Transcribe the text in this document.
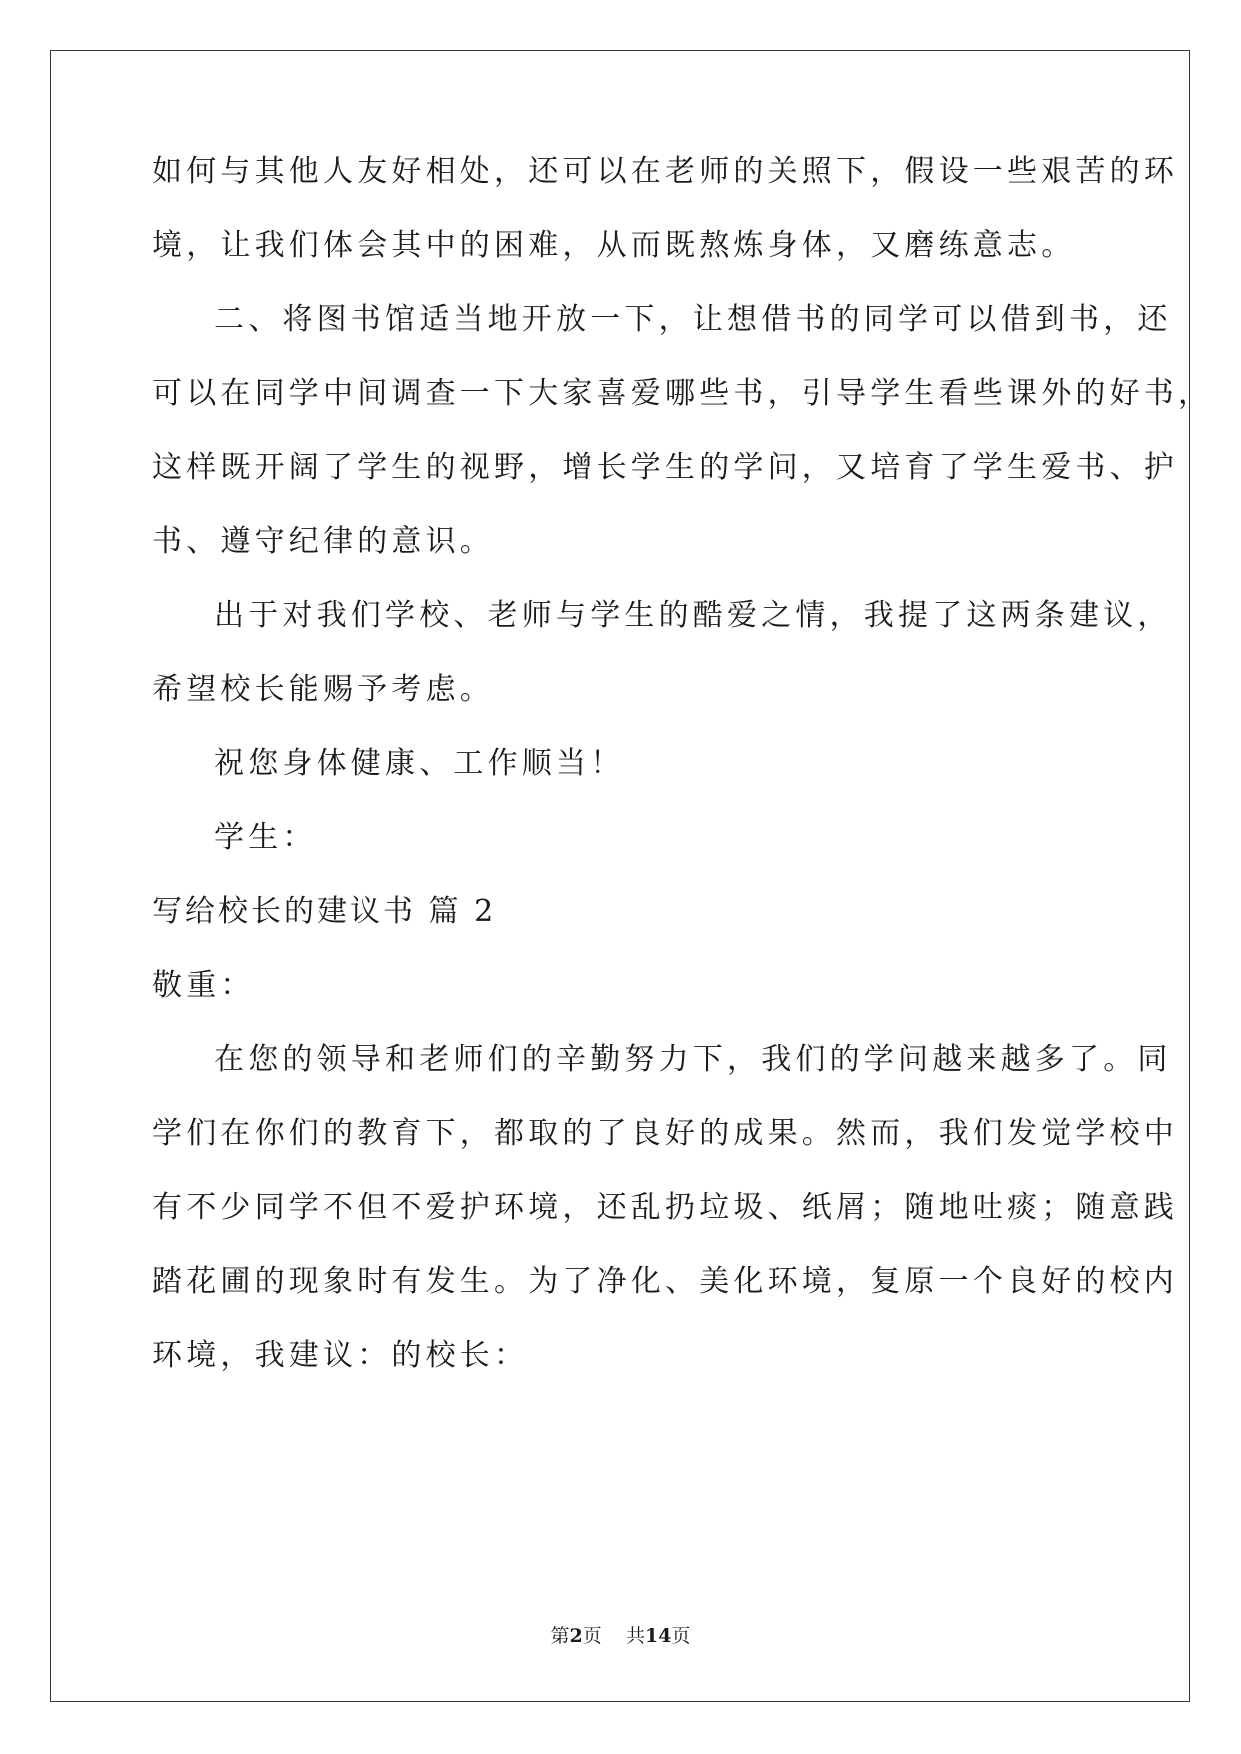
如何与其他人友好相处，还可以在老师的关照下，假设一些艰苦的环
境，让我们体会其中的困难，从而既熬炼身体，又磨练意志。
二、将图书馆适当地开放一下，让想借书的同学可以借到书，还
可以在同学中间调查一下大家喜爱哪些书，引导学生看些课外的好书，
这样既开阔了学生的视野，增长学生的学问，又培育了学生爱书、护
书、遵守纪律的意识。
出于对我们学校、老师与学生的酷爱之情，我提了这两条建议，
希望校长能赐予考虑。
祝您身体健康、工作顺当！
学生：
写给校长的建议书 篇 2
敬重：
在您的领导和老师们的辛勤努力下，我们的学问越来越多了。同
学们在你们的教育下，都取的了良好的成果。然而，我们发觉学校中
有不少同学不但不爱护环境，还乱扔垃圾、纸屑；随地吐痰；随意践
踏花圃的现象时有发生。为了净化、美化环境，复原一个良好的校内
环境，我建议：的校长：
第2页 共14页
